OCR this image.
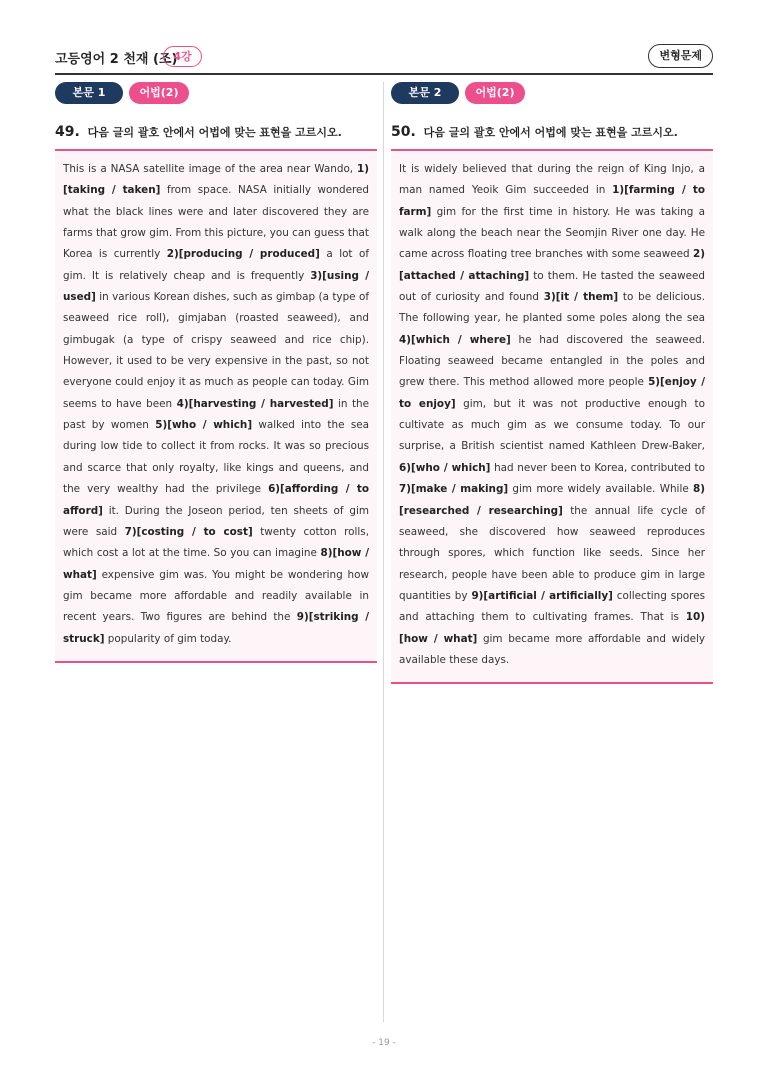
고등영어 2 천재 (조)
4강	변형문제
본문 1	어법(2)
49. 다음 글의 괄호 안에서 어법에 맞는 표현을 고르시오.
This is a NASA satellite image of the area near Wando, 1)[taking / taken] from space. NASA initially wondered what the black lines were and later discovered they are farms that grow gim. From this picture, you can guess that Korea is currently 2)[producing / produced] a lot of gim. It is relatively cheap and is frequently 3)[using / used] in various Korean dishes, such as gimbap (a type of seaweed rice roll), gimjaban (roasted seaweed), and gimbugak (a type of crispy seaweed and rice chip). However, it used to be very expensive in the past, so not everyone could enjoy it as much as people can today. Gim seems to have been 4)[harvesting / harvested] in the past by women 5)[who / which] walked into the sea during low tide to collect it from rocks. It was so precious and scarce that only royalty, like kings and queens, and the very wealthy had the privilege 6)[affording / to afford] it. During the Joseon period, ten sheets of gim were said 7)[costing / to cost] twenty cotton rolls, which cost a lot at the time. So you can imagine 8)[how / what] expensive gim was. You might be wondering how gim became more affordable and readily available in recent years. Two figures are behind the 9)[striking / struck] popularity of gim today.
본문 2	어법(2)
50. 다음 글의 괄호 안에서 어법에 맞는 표현을 고르시오.
It is widely believed that during the reign of King Injo, a man named Yeoik Gim succeeded in 1)[farming / to farm] gim for the first time in history. He was taking a walk along the beach near the Seomjin River one day. He came across floating tree branches with some seaweed 2)[attached / attaching] to them. He tasted the seaweed out of curiosity and found 3)[it / them] to be delicious. The following year, he planted some poles along the sea 4)[which / where] he had discovered the seaweed. Floating seaweed became entangled in the poles and grew there. This method allowed more people 5)[enjoy / to enjoy] gim, but it was not productive enough to cultivate as much gim as we consume today. To our surprise, a British scientist named Kathleen Drew-Baker, 6)[who / which] had never been to Korea, contributed to 7)[make / making] gim more widely available. While 8)[researched / researching] the annual life cycle of seaweed, she discovered how seaweed reproduces through spores, which function like seeds. Since her research, people have been able to produce gim in large quantities by 9)[artificial / artificially] collecting spores and attaching them to cultivating frames. That is 10)[how / what] gim became more affordable and widely available these days.
- 19 -
